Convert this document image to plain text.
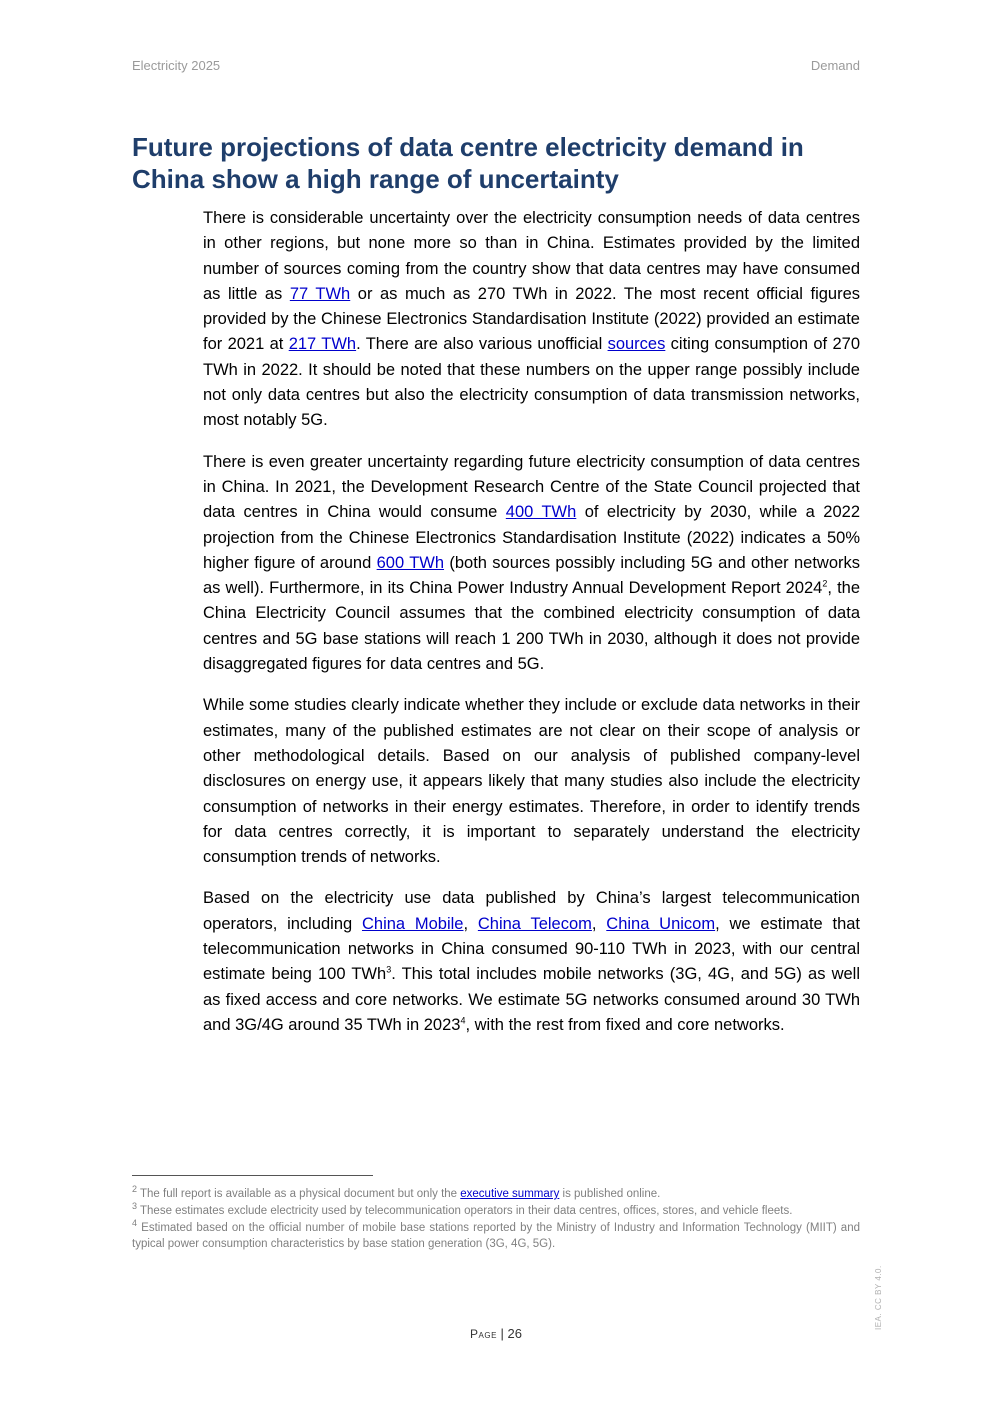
Electricity 2025	Demand
Future projections of data centre electricity demand in China show a high range of uncertainty

There is considerable uncertainty over the electricity consumption needs of data centres in other regions, but none more so than in China. Estimates provided by the limited number of sources coming from the country show that data centres may have consumed as little as 77 TWh or as much as 270 TWh in 2022. The most recent official figures provided by the Chinese Electronics Standardisation Institute (2022) provided an estimate for 2021 at 217 TWh. There are also various unofficial sources citing consumption of 270 TWh in 2022. It should be noted that these numbers on the upper range possibly include not only data centres but also the electricity consumption of data transmission networks, most notably 5G.

There is even greater uncertainty regarding future electricity consumption of data centres in China. In 2021, the Development Research Centre of the State Council projected that data centres in China would consume 400 TWh of electricity by 2030, while a 2022 projection from the Chinese Electronics Standardisation Institute (2022) indicates a 50% higher figure of around 600 TWh (both sources possibly including 5G and other networks as well). Furthermore, in its China Power Industry Annual Development Report 2024$^2$, the China Electricity Council assumes that the combined electricity consumption of data centres and 5G base stations will reach 1 200 TWh in 2030, although it does not provide disaggregated figures for data centres and 5G.

While some studies clearly indicate whether they include or exclude data networks in their estimates, many of the published estimates are not clear on their scope of analysis or other methodological details. Based on our analysis of published company-level disclosures on energy use, it appears likely that many studies also include the electricity consumption of networks in their energy estimates. Therefore, in order to identify trends for data centres correctly, it is important to separately understand the electricity consumption trends of networks.

Based on the electricity use data published by China’s largest telecommunication operators, including China Mobile, China Telecom, China Unicom, we estimate that telecommunication networks in China consumed 90-110 TWh in 2023, with our central estimate being 100 TWh$^3$. This total includes mobile networks (3G, 4G, and 5G) as well as fixed access and core networks. We estimate 5G networks consumed around 30 TWh and 3G/4G around 35 TWh in 2023$^4$, with the rest from fixed and core networks.

$^2$ The full report is available as a physical document but only the executive summary is published online.
$^3$ These estimates exclude electricity used by telecommunication operators in their data centres, offices, stores, and vehicle fleets.
$^4$ Estimated based on the official number of mobile base stations reported by the Ministry of Industry and Information Technology (MIIT) and typical power consumption characteristics by base station generation (3G, 4G, 5G).
Page | 26
IEA. CC BY 4.0.
